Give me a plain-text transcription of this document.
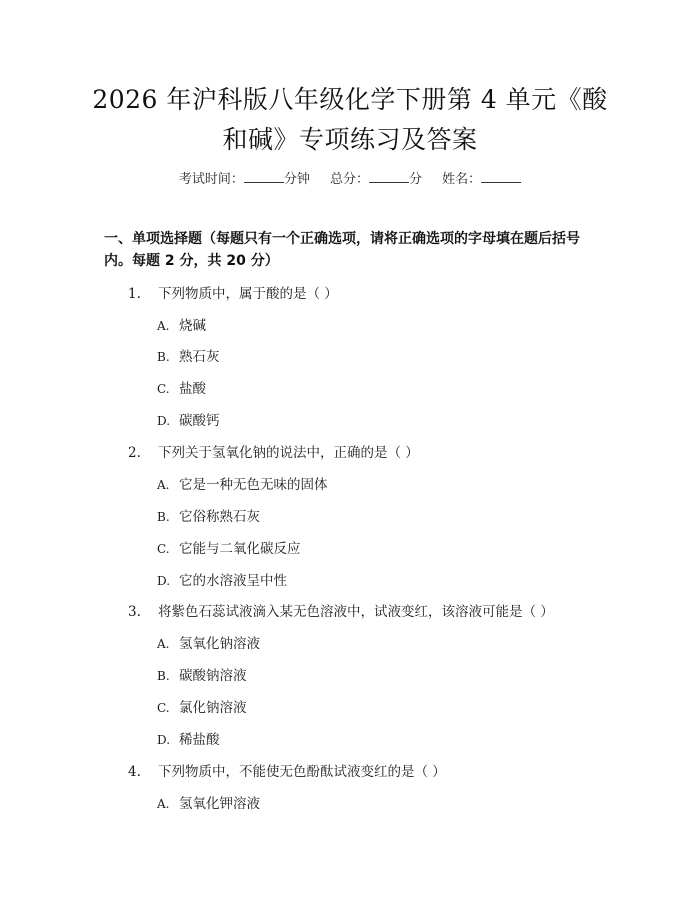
2026 年沪科版八年级化学下册第 4 单元《酸和碱》专项练习及答案
考试时间：	分钟 总分：	分 姓名：
一、单项选择题（每题只有一个正确选项，请将正确选项的字母填在题后括号内。每题 2 分，共 20 分）
1. 下列物质中，属于酸的是（ ）
A. 烧碱
B. 熟石灰
C. 盐酸
D. 碳酸钙
2. 下列关于氢氧化钠的说法中，正确的是（ ）
A. 它是一种无色无味的固体
B. 它俗称熟石灰
C. 它能与二氧化碳反应
D. 它的水溶液呈中性
3. 将紫色石蕊试液滴入某无色溶液中，试液变红，该溶液可能是（ ）
A. 氢氧化钠溶液
B. 碳酸钠溶液
C. 氯化钠溶液
D. 稀盐酸
4. 下列物质中，不能使无色酚酞试液变红的是（ ）
A. 氢氧化钾溶液
